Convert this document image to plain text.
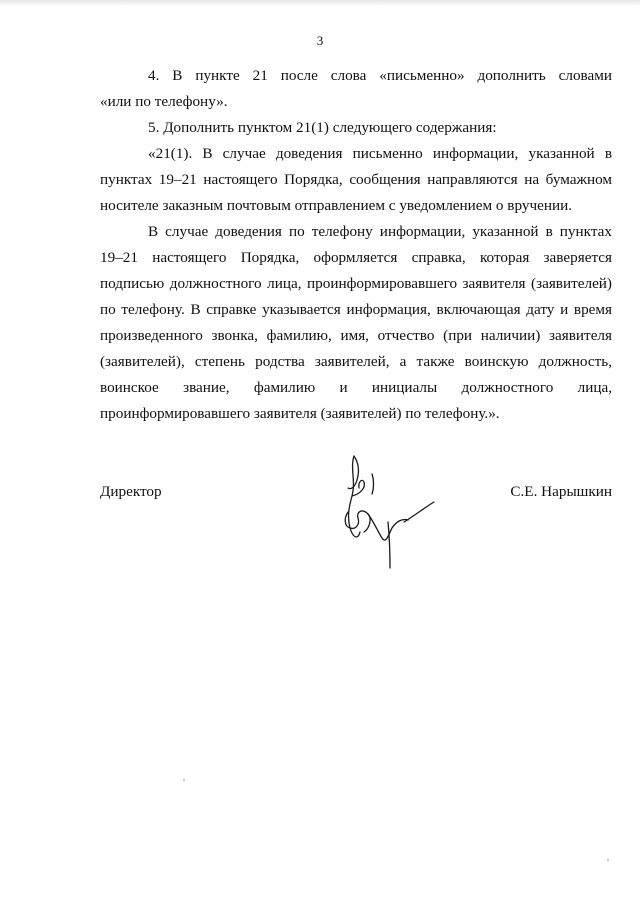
3

4. В пункте 21 после слова «письменно» дополнить словами

«или по телефону».

5. Дополнить пунктом 21(1) следующего содержания:

«21(1). В случае доведения письменно информации, указанной в пунктах 19–21 настоящего Порядка, сообщения направляются на бумажном носителе заказным почтовым отправлением с уведомлением о вручении.

В случае доведения по телефону информации, указанной в пунктах 19–21 настоящего Порядка, оформляется справка, которая заверяется подписью должностного лица, проинформировавшего заявителя (заявителей) по телефону. В справке указывается информация, включающая дату и время произведенного звонка, фамилию, имя, отчество (при наличии) заявителя (заявителей), степень родства заявителей, а также воинскую должность, воинское звание, фамилию и инициалы должностного лица, проинформировавшего заявителя (заявителей) по телефону.».

Директор	С.Е. Нарышкин
